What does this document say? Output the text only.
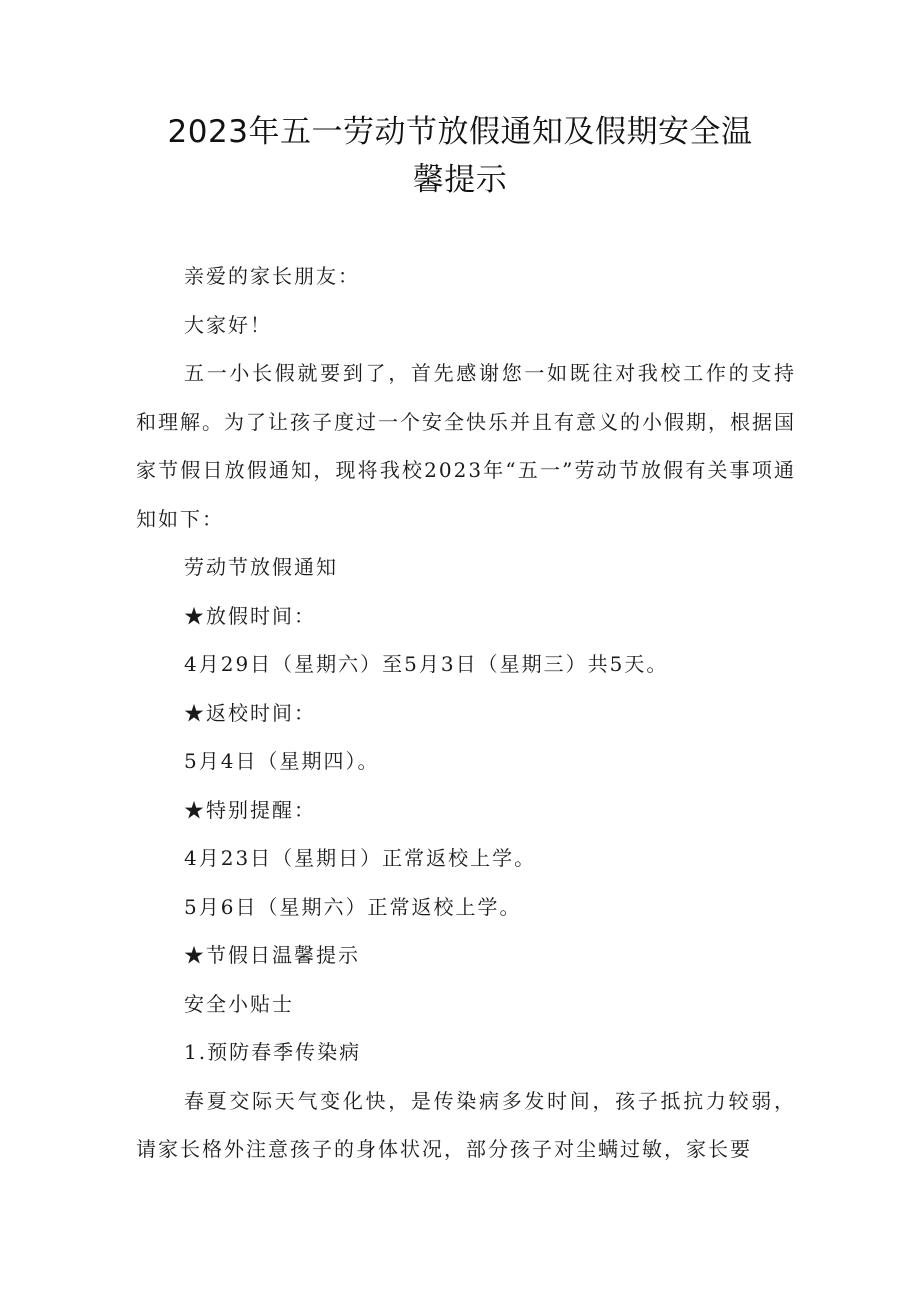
2023年五一劳动节放假通知及假期安全温
馨提示

亲爱的家长朋友：

大家好！

五一小长假就要到了，首先感谢您一如既往对我校工作的支持和理解。为了让孩子度过一个安全快乐并且有意义的小假期，根据国家节假日放假通知，现将我校2023年“五一”劳动节放假有关事项通知如下：

劳动节放假通知

★放假时间：

4月29日（星期六）至5月3日（星期三）共5天。

★返校时间：

5月4日（星期四）。

★特别提醒：

4月23日（星期日）正常返校上学。

5月6日（星期六）正常返校上学。

★节假日温馨提示

安全小贴士

1.预防春季传染病

春夏交际天气变化快，是传染病多发时间，孩子抵抗力较弱，请家长格外注意孩子的身体状况，部分孩子对尘螨过敏，家长要
